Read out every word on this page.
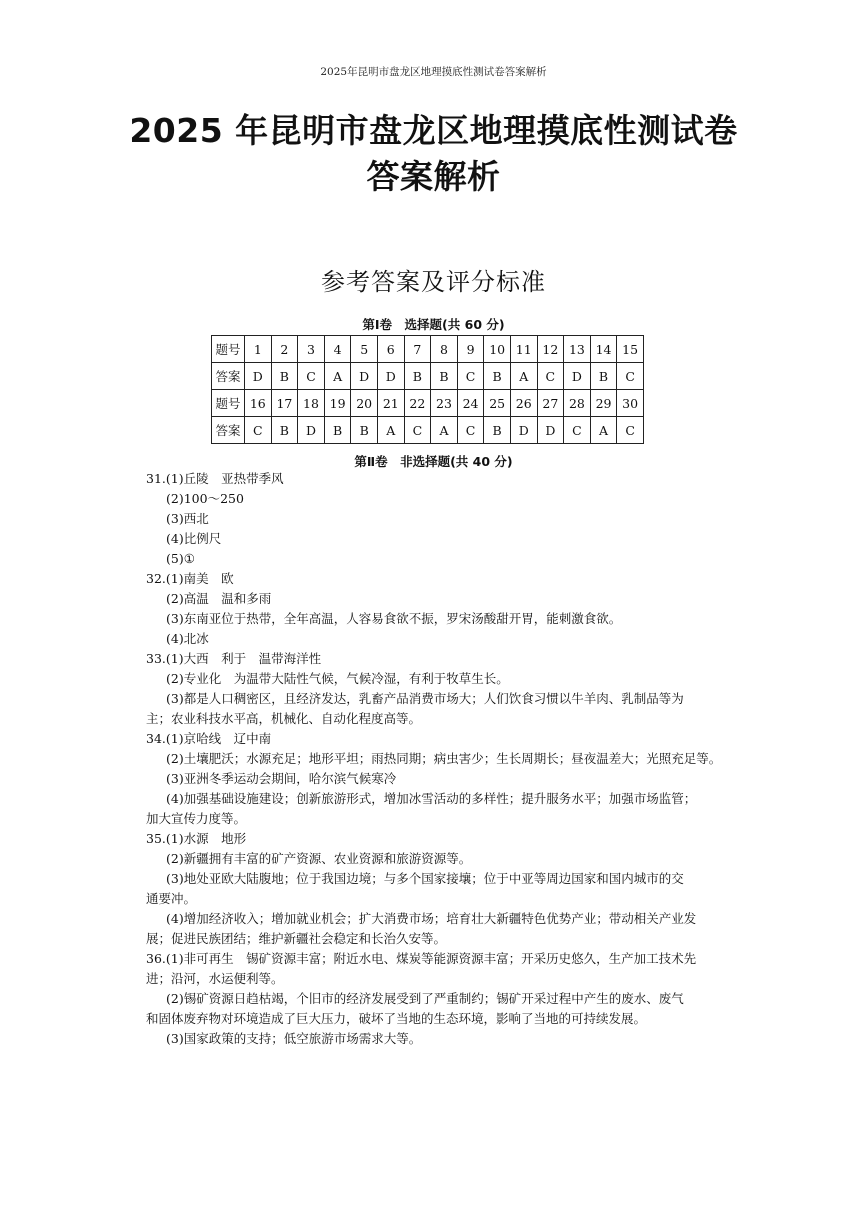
2025年昆明市盘龙区地理摸底性测试卷答案解析
2025 年昆明市盘龙区地理摸底性测试卷
答案解析
参考答案及评分标准
第Ⅰ卷　选择题(共 60 分)
题号	1	2	3	4	5	6	7	8	9	10	11	12	13	14	15
答案	D	B	C	A	D	D	B	B	C	B	A	C	D	B	C
题号	16	17	18	19	20	21	22	23	24	25	26	27	28	29	30
答案	C	B	D	B	B	A	C	A	C	B	D	D	C	A	C
第Ⅱ卷　非选择题(共 40 分)
31.(1)丘陵　亚热带季风
(2)100～250
(3)西北
(4)比例尺
(5)①
32.(1)南美　欧
(2)高温　温和多雨
(3)东南亚位于热带，全年高温，人容易食欲不振，罗宋汤酸甜开胃，能刺激食欲。
(4)北冰
33.(1)大西　利于　温带海洋性
(2)专业化　为温带大陆性气候，气候冷湿，有利于牧草生长。
(3)都是人口稠密区，且经济发达，乳畜产品消费市场大；人们饮食习惯以牛羊肉、乳制品等为
主；农业科技水平高，机械化、自动化程度高等。
34.(1)京哈线　辽中南
(2)土壤肥沃；水源充足；地形平坦；雨热同期；病虫害少；生长周期长；昼夜温差大；光照充足等。
(3)亚洲冬季运动会期间，哈尔滨气候寒冷
(4)加强基础设施建设；创新旅游形式，增加冰雪活动的多样性；提升服务水平；加强市场监管；
加大宣传力度等。
35.(1)水源　地形
(2)新疆拥有丰富的矿产资源、农业资源和旅游资源等。
(3)地处亚欧大陆腹地；位于我国边境；与多个国家接壤；位于中亚等周边国家和国内城市的交
通要冲。
(4)增加经济收入；增加就业机会；扩大消费市场；培育壮大新疆特色优势产业；带动相关产业发
展；促进民族团结；维护新疆社会稳定和长治久安等。
36.(1)非可再生　锡矿资源丰富；附近水电、煤炭等能源资源丰富；开采历史悠久，生产加工技术先
进；沿河，水运便利等。
(2)锡矿资源日趋枯竭，个旧市的经济发展受到了严重制约；锡矿开采过程中产生的废水、废气
和固体废弃物对环境造成了巨大压力，破坏了当地的生态环境，影响了当地的可持续发展。
(3)国家政策的支持；低空旅游市场需求大等。
